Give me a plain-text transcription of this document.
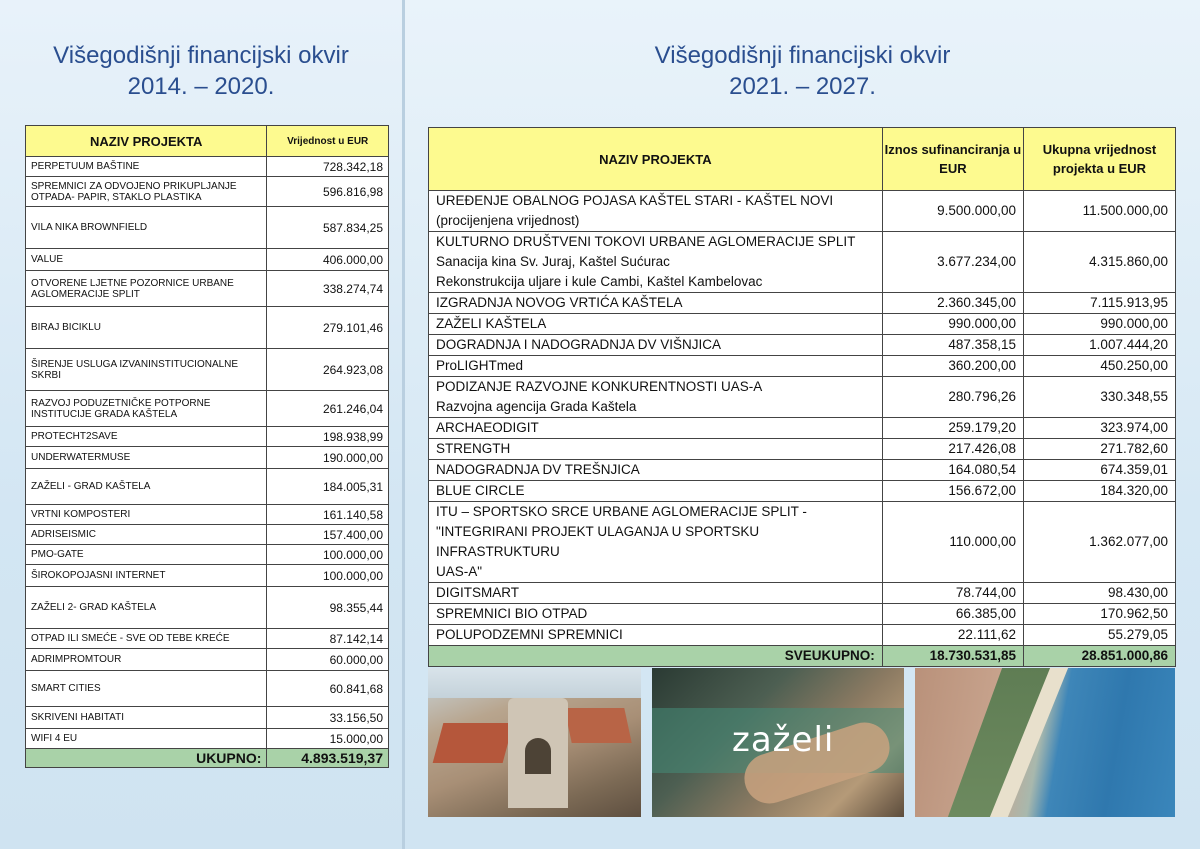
Višegodišnji financijski okvir
2014. – 2020.
Višegodišnji financijski okvir
2021. – 2027.
NAZIV PROJEKTA	Vrijednost u EUR
PERPETUUM BAŠTINE	728.342,18
SPREMNICI ZA ODVOJENO PRIKUPLJANJE OTPADA- PAPIR, STAKLO PLASTIKA	596.816,98
VILA NIKA BROWNFIELD	587.834,25
VALUE	406.000,00
OTVORENE LJETNE POZORNICE URBANE AGLOMERACIJE SPLIT	338.274,74
BIRAJ BICIKLU	279.101,46
ŠIRENJE USLUGA IZVANINSTITUCIONALNE SKRBI	264.923,08
RAZVOJ PODUZETNIČKE POTPORNE INSTITUCIJE GRADA KAŠTELA	261.246,04
PROTECHT2SAVE	198.938,99
UNDERWATERMUSE	190.000,00
ZAŽELI - GRAD KAŠTELA	184.005,31
VRTNI KOMPOSTERI	161.140,58
ADRISEISMIC	157.400,00
PMO-GATE	100.000,00
ŠIROKOPOJASNI INTERNET	100.000,00
ZAŽELI 2- GRAD KAŠTELA	98.355,44
OTPAD ILI SMEĆE - SVE OD TEBE KREĆE	87.142,14
ADRIMPROMTOUR	60.000,00
SMART CITIES	60.841,68
SKRIVENI HABITATI	33.156,50
WIFI 4 EU	15.000,00
UKUPNO:	4.893.519,37
NAZIV PROJEKTA	Iznos sufinanciranja u EUR	Ukupna vrijednost projekta u EUR

UREĐENJE OBALNOG POJASA KAŠTEL STARI - KAŠTEL NOVI
(procijenjena vrijednost)	9.500.000,00	11.500.000,00

KULTURNO DRUŠTVENI TOKOVI URBANE AGLOMERACIJE SPLIT
Sanacija kina Sv. Juraj, Kaštel Sućurac
Rekonstrukcija uljare i kule Cambi, Kaštel Kambelovac	3.677.234,00	4.315.860,00

IZGRADNJA NOVOG VRTIĆA KAŠTELA	2.360.345,00	7.115.913,95

ZAŽELI KAŠTELA	990.000,00	990.000,00

DOGRADNJA I NADOGRADNJA DV VIŠNJICA	487.358,15	1.007.444,20

ProLIGHTmed	360.200,00	450.250,00

PODIZANJE RAZVOJNE KONKURENTNOSTI UAS-A
Razvojna agencija Grada Kaštela	280.796,26	330.348,55

ARCHAEODIGIT	259.179,20	323.974,00

STRENGTH	217.426,08	271.782,60

NADOGRADNJA DV TREŠNJICA	164.080,54	674.359,01

BLUE CIRCLE	156.672,00	184.320,00

ITU – SPORTSKO SRCE URBANE AGLOMERACIJE SPLIT -
"INTEGRIRANI PROJEKT ULAGANJA U SPORTSKU INFRASTRUKTURU
UAS-A"	110.000,00	1.362.077,00

DIGITSMART	78.744,00	98.430,00

SPREMNICI BIO OTPAD	66.385,00	170.962,50

POLUPODZEMNI SPREMNICI	22.111,62	55.279,05
SVEUKUPNO:	18.730.531,85	28.851.000,86
zaželi
